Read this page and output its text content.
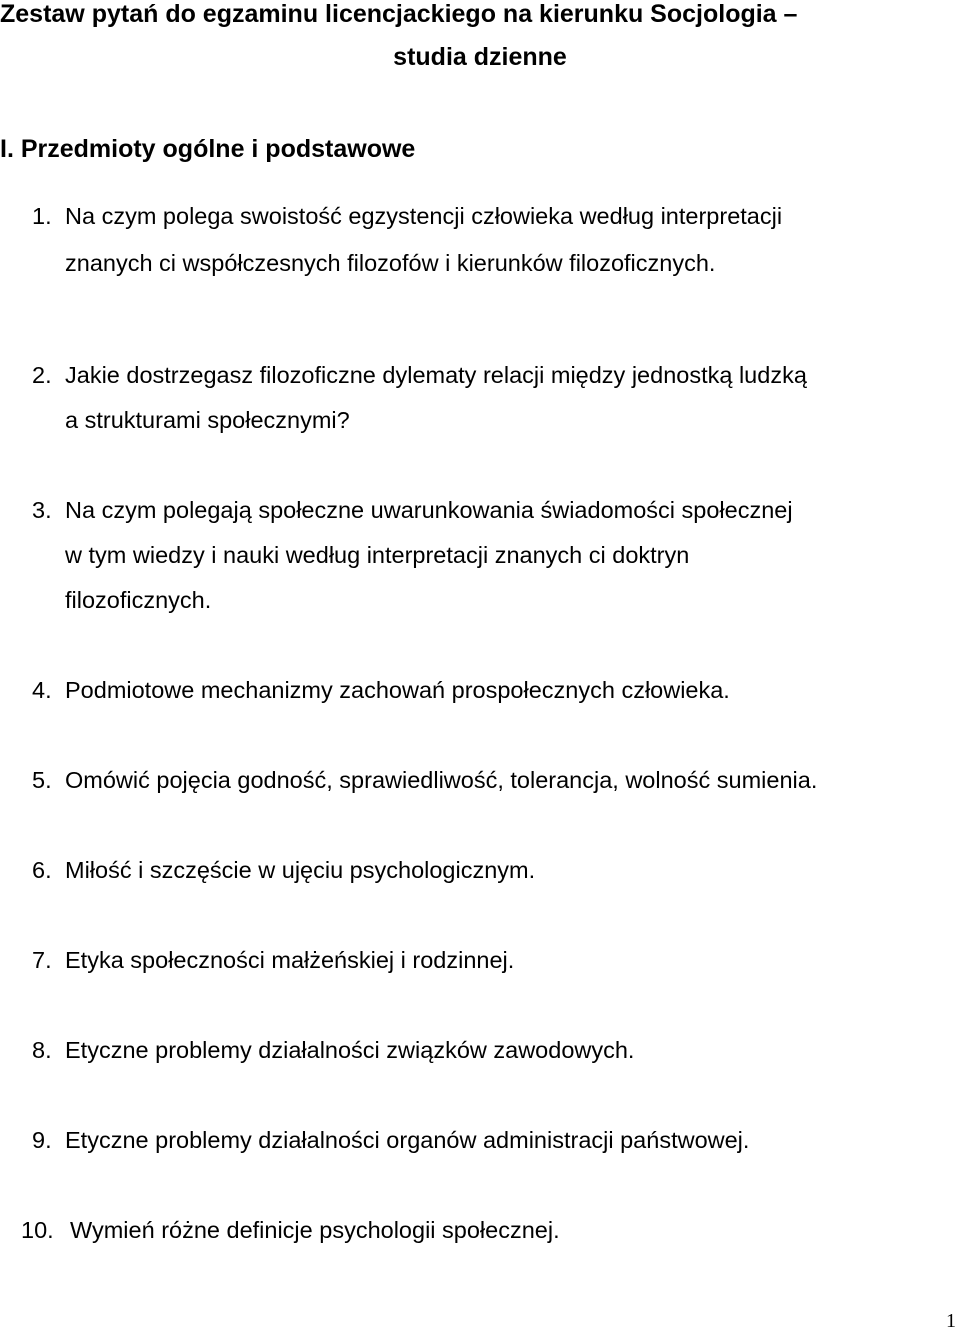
Zestaw pytań do egzaminu licencjackiego na kierunku Socjologia –
studia dzienne
I. Przedmioty ogólne i podstawowe
1. Na czym polega swoistość egzystencji człowieka według interpretacji
znanych ci współczesnych filozofów i kierunków filozoficznych.
2. Jakie dostrzegasz filozoficzne dylematy relacji między jednostką ludzką
a strukturami społecznymi?
3. Na czym polegają społeczne uwarunkowania świadomości społecznej
w tym wiedzy i nauki według interpretacji znanych ci doktryn
filozoficznych.
4. Podmiotowe mechanizmy zachowań prospołecznych człowieka.
5. Omówić pojęcia godność, sprawiedliwość, tolerancja, wolność sumienia.
6. Miłość i szczęście w ujęciu psychologicznym.
7. Etyka społeczności małżeńskiej i rodzinnej.
8. Etyczne problemy działalności związków zawodowych.
9. Etyczne problemy działalności organów administracji państwowej.
10. Wymień różne definicje psychologii społecznej.
1
